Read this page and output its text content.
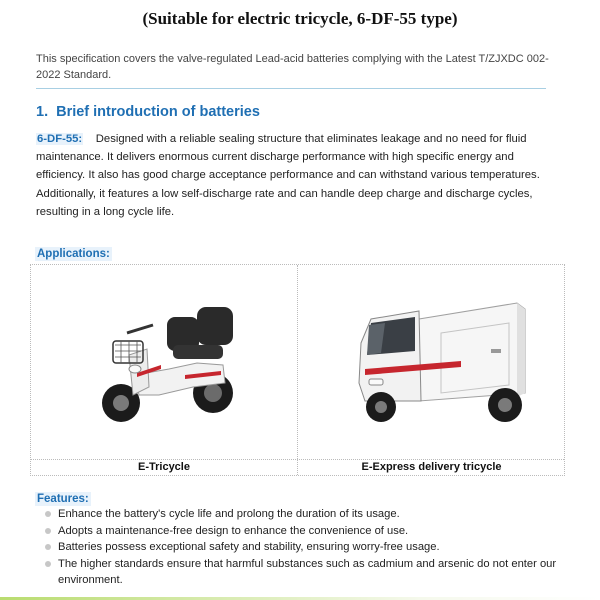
(Suitable for electric tricycle, 6-DF-55 type)
This specification covers the valve-regulated Lead-acid batteries complying with the Latest T/ZJXDC 002-2022 Standard.
1. Brief introduction of batteries
6-DF-55: Designed with a reliable sealing structure that eliminates leakage and no need for fluid maintenance. It delivers enormous current discharge performance with high specific energy and efficiency. It also has good charge acceptance performance and can withstand various temperatures. Additionally, it features a low self-discharge rate and can handle deep charge and discharge cycles, resulting in a long cycle life.
Applications:
E-Tricycle	E-Express delivery tricycle
Features:
Enhance the battery's cycle life and prolong the duration of its usage.
Adopts a maintenance-free design to enhance the convenience of use.
Batteries possess exceptional safety and stability, ensuring worry-free usage.
The higher standards ensure that harmful substances such as cadmium and arsenic do not enter our environment.
